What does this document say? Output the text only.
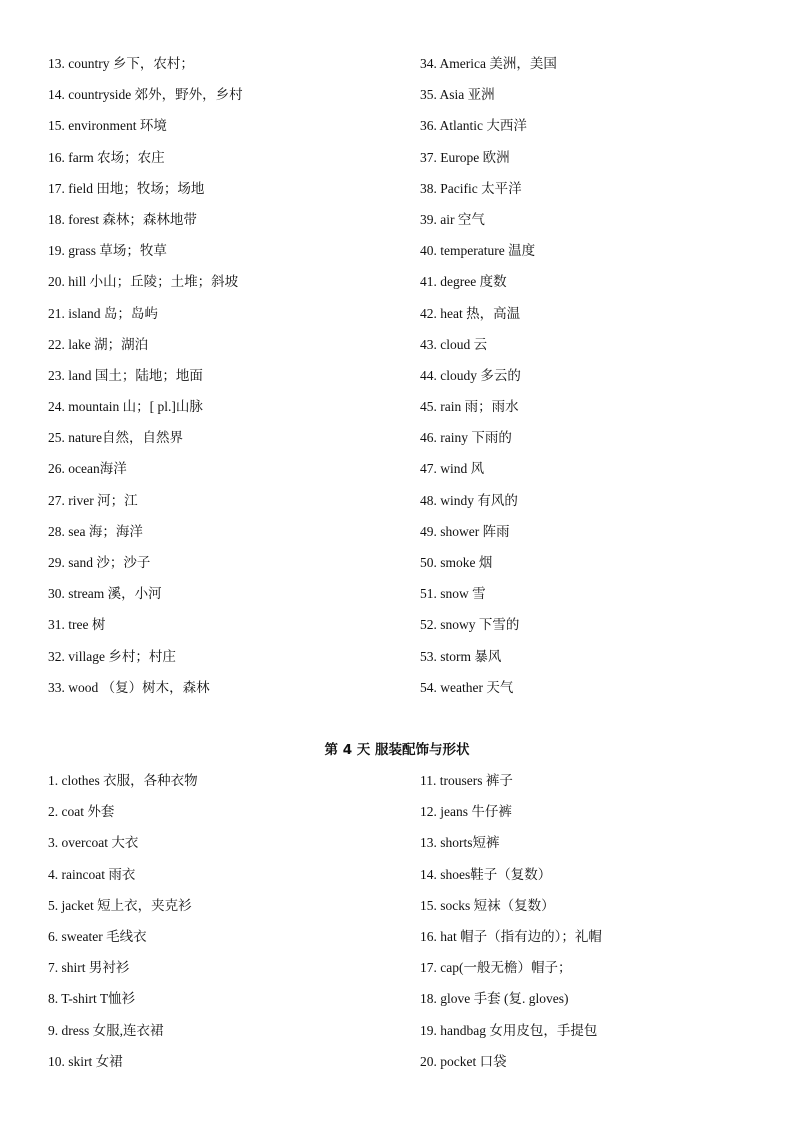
13. country 乡下，农村；
14. countryside 郊外，野外，乡村
15. environment 环境
16. farm 农场；农庄
17. field 田地；牧场；场地
18. forest 森林；森林地带
19. grass 草场；牧草
20. hill 小山；丘陵；土堆；斜坡
21. island 岛；岛屿
22. lake 湖；湖泊
23. land 国土；陆地；地面
24. mountain 山；[ pl.]山脉
25. nature自然，自然界
26. ocean海洋
27. river 河；江
28. sea 海；海洋
29. sand 沙；沙子
30. stream 溪，小河
31. tree 树
32. village 乡村；村庄
33. wood （复）树木，森林
34. America 美洲，美国
35. Asia 亚洲
36. Atlantic 大西洋
37. Europe 欧洲
38. Pacific 太平洋
39. air 空气
40. temperature 温度
41. degree 度数
42. heat 热，高温
43. cloud 云
44. cloudy 多云的
45. rain 雨；雨水
46. rainy 下雨的
47. wind 风
48. windy 有风的
49. shower 阵雨
50. smoke 烟
51. snow 雪
52. snowy 下雪的
53. storm 暴风
54. weather 天气
第 4 天 服装配饰与形状
1. clothes 衣服，各种衣物
2. coat 外套
3. overcoat 大衣
4. raincoat 雨衣
5. jacket 短上衣，夹克衫
6. sweater 毛线衣
7. shirt 男衬衫
8. T-shirt T恤衫
9. dress 女服,连衣裙
10. skirt 女裙
11. trousers 裤子
12. jeans 牛仔裤
13. shorts短裤
14. shoes鞋子（复数）
15. socks 短袜（复数）
16. hat 帽子（指有边的）；礼帽
17. cap(一般无檐）帽子；
18. glove 手套 (复. gloves)
19. handbag 女用皮包，手提包
20. pocket 口袋
